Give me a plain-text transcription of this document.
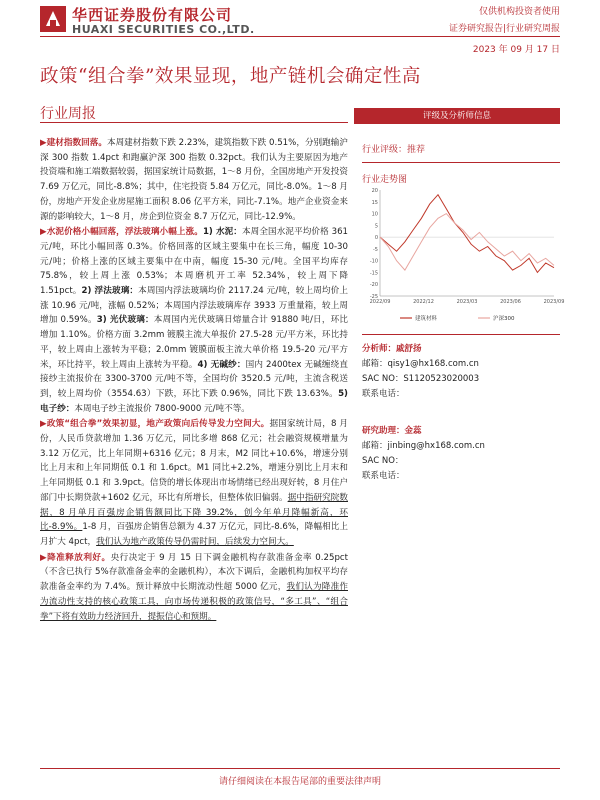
华西证券股份有限公司
HUAXI SECURITIES CO.,LTD.
仅供机构投资者使用
证券研究报告|行业研究周报
2023 年 09 月 17 日
政策“组合拳”效果显现，地产链机会确定性高
行业周报

▶建材指数回落。本周建材指数下跌 2.23%，建筑指数下跌 0.51%，分别跑输沪深 300 指数 1.4pct 和跑赢沪深 300 指数 0.32pct。我们认为主要原因为地产投资端和施工端数据较弱，据国家统计局数据，1～8 月份，全国房地产开发投资 7.69 万亿元，同比-8.8%；其中，住宅投资 5.84 万亿元，同比-8.0%。1～8 月份，房地产开发企业房屋施工面积 8.06 亿平方米，同比-7.1%。地产企业资金来源的影响较大，1～8 月，房企到位资金 8.7 万亿元，同比-12.9%。

▶水泥价格小幅回落，浮法玻璃小幅上涨。1) 水泥：本周全国水泥平均价格 361 元/吨，环比小幅回落 0.3%。价格回落的区域主要集中在长三角，幅度 10-30 元/吨；价格上涨的区域主要集中在中南，幅度 15-30 元/吨。全国平均库存 75.8%，较上周上涨 0.53%；本周磨机开工率 52.34%，较上周下降 1.51pct。2) 浮法玻璃：本周国内浮法玻璃均价 2117.24 元/吨，较上周均价上涨 10.96 元/吨，涨幅 0.52%；本周国内浮法玻璃库存 3933 万重量箱，较上周增加 0.59%。3) 光伏玻璃：本周国内光伏玻璃日熔量合计 91880 吨/日，环比增加 1.10%。价格方面 3.2mm 镀膜主流大单报价 27.5-28 元/平方米，环比持平，较上周由上涨转为平稳；2.0mm 镀膜面板主流大单价格 19.5-20 元/平方米，环比持平，较上周由上涨转为平稳。4) 无碱纱：国内 2400tex 无碱缠绕直接纱主流报价在 3300-3700 元/吨不等，全国均价 3520.5 元/吨，主流含税送到，较上周均价（3554.63）下跌，环比下跌 0.96%，同比下跌 13.63%。5) 电子纱：本周电子纱主流报价 7800-9000 元/吨不等。

▶政策“组合拳”效果初显，地产政策向后传导发力空间大。据国家统计局，8 月份，人民币贷款增加 1.36 万亿元，同比多增 868 亿元；社会融资规模增量为 3.12 万亿元，比上年同期+6316 亿元；8 月末，M2 同比+10.6%，增速分别比上月末和上年同期低 0.1 和 1.6pct。M1 同比+2.2%，增速分别比上月末和上年同期低 0.1 和 3.9pct。信贷的增长体现出市场情绪已经出现好转，8 月住户部门中长期贷款+1602 亿元，环比有所增长，但整体依旧偏弱。据中指研究院数据，8 月单月百强房企销售额同比下降 39.2%，创今年单月降幅新高，环比-8.9%。1-8 月，百强房企销售总额为 4.37 万亿元，同比-8.6%，降幅相比上月扩大 4pct，我们认为地产政策传导仍需时间，后续发力空间大。

▶降准释放利好。央行决定于 9 月 15 日下调金融机构存款准备金率 0.25pct（不含已执行 5%存款准备金率的金融机构），本次下调后，金融机构加权平均存款准备金率约为 7.4%。预计释放中长期流动性超 5000 亿元，我们认为降准作为流动性支持的核心政策工具，向市场传递积极的政策信号，“多工具”、“组合拳”下将有效助力经济回升，提振信心和预期。

评级及分析师信息
行业评级：推荐
行业走势图
20
15
10
5
0
-5
-10
-15
-20
-25
2022/09	2022/12	2023/03	2023/06	2023/09
建筑材料	沪深300
分析师：戚舒扬
邮箱：qisy1@hx168.com.cn
SAC NO：S1120523020003
联系电话：
研究助理：金蕊
邮箱：jinbing@hx168.com.cn
SAC NO：
联系电话：
请仔细阅读在本报告尾部的重要法律声明
